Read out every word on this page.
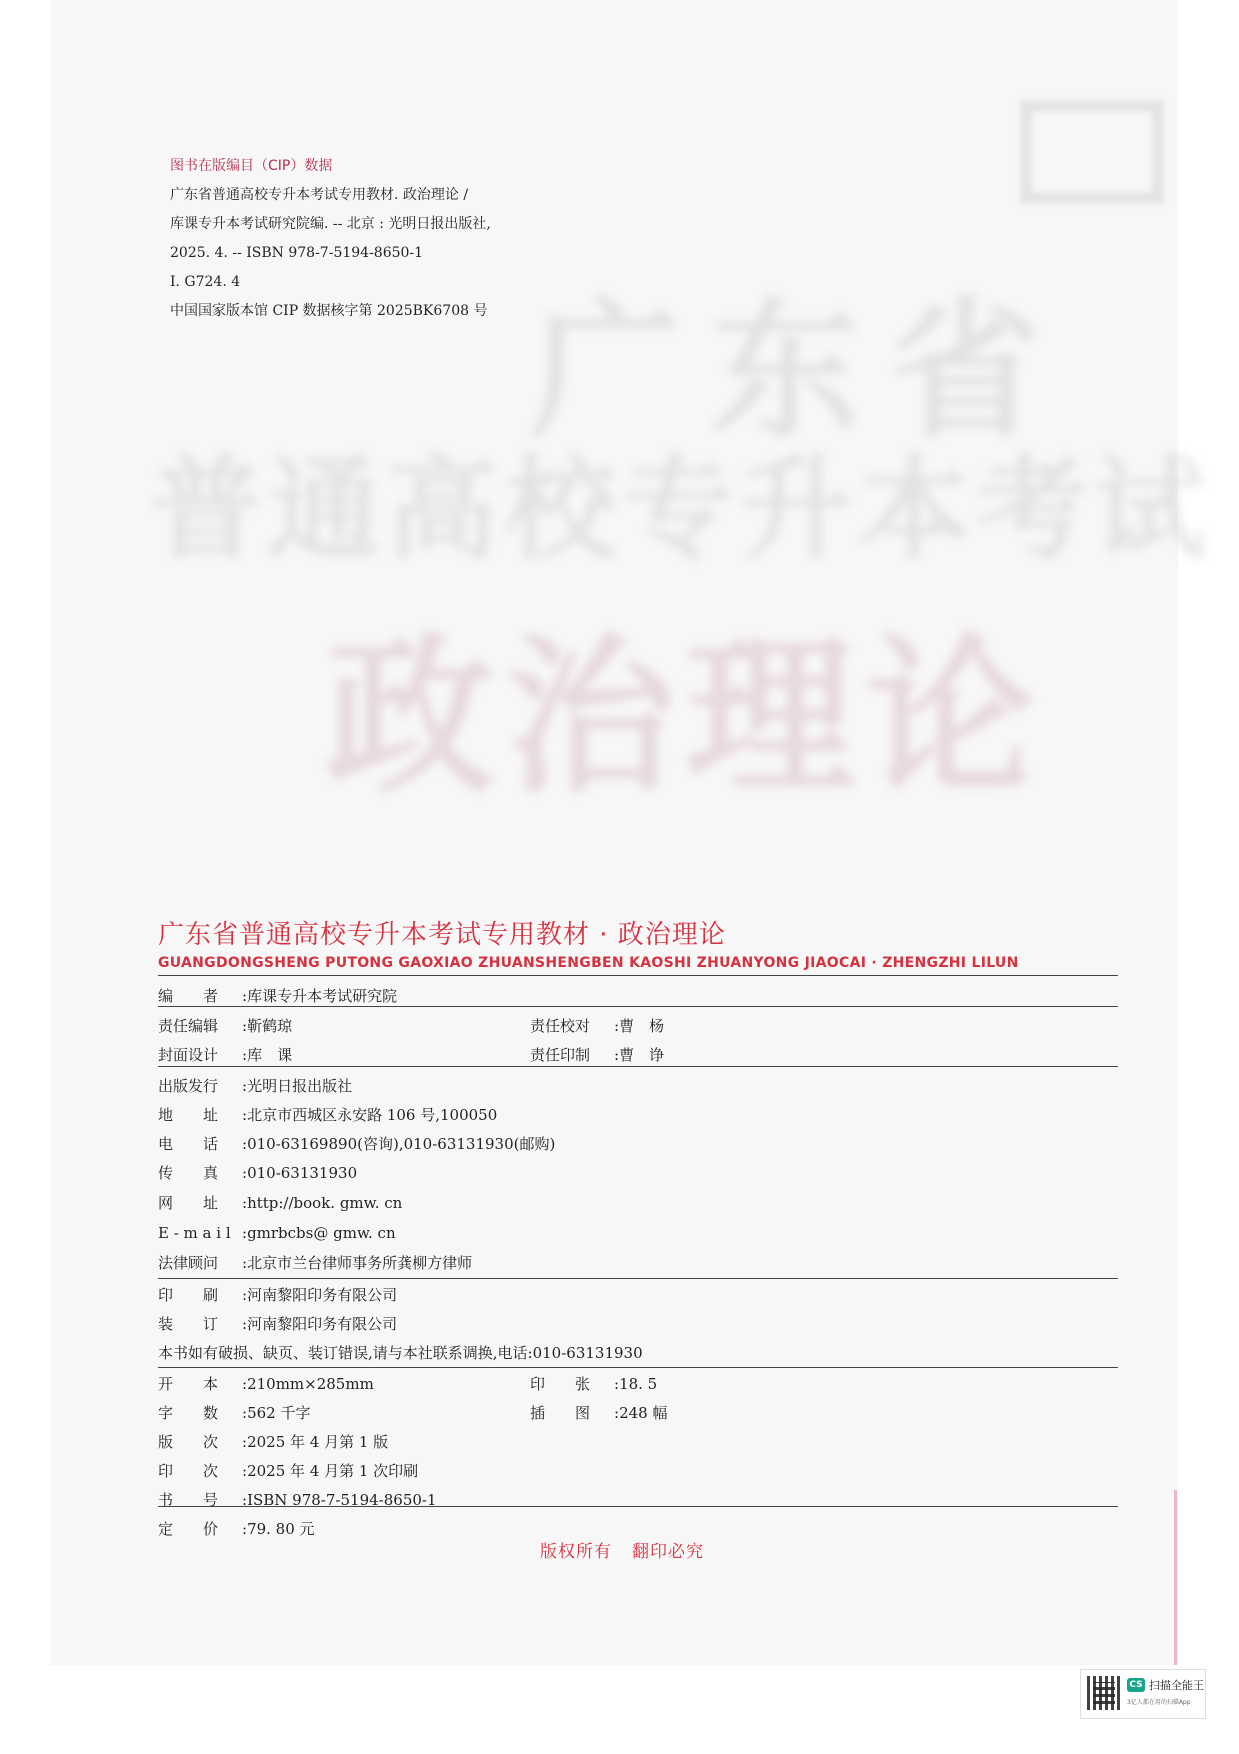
广东省
普通高校专升本考试
政治理论
图书在版编目（CIP）数据
广东省普通高校专升本考试专用教材. 政治理论 /
库课专升本考试研究院编. -- 北京 : 光明日报出版社,
2025. 4. -- ISBN 978-7-5194-8650-1
Ⅰ. G724. 4
中国国家版本馆 CIP 数据核字第 2025BK6708 号
广东省普通高校专升本考试专用教材 · 政治理论
GUANGDONGSHENG PUTONG GAOXIAO ZHUANSHENGBEN KAOSHI ZHUANYONG JIAOCAI · ZHENGZHI LILUN
编　　者 :库课专升本考试研究院
责任编辑 :靳鹤琼	责任校对 :曹　杨
封面设计 :库　课	责任印制 :曹　诤
出版发行 :光明日报出版社
地　　址 :北京市西城区永安路 106 号,100050
电　　话 :010-63169890(咨询),010-63131930(邮购)
传　　真 :010-63131930
网　　址 :http://book. gmw. cn
E - m a i l :gmrbcbs@ gmw. cn
法律顾问 :北京市兰台律师事务所龚柳方律师
印　　刷 :河南黎阳印务有限公司
装　　订 :河南黎阳印务有限公司
本书如有破损、缺页、装订错误,请与本社联系调换,电话:010-63131930
开　　本 :210mm×285mm	印　　张 :18. 5
字　　数 :562 千字	插　　图 :248 幅
版　　次 :2025 年 4 月第 1 版
印　　次 :2025 年 4 月第 1 次印刷
书　　号 :ISBN 978-7-5194-8650-1
定　　价 :79. 80 元
版权所有 翻印必究
CS 扫描全能王
3亿人都在用的扫描App
